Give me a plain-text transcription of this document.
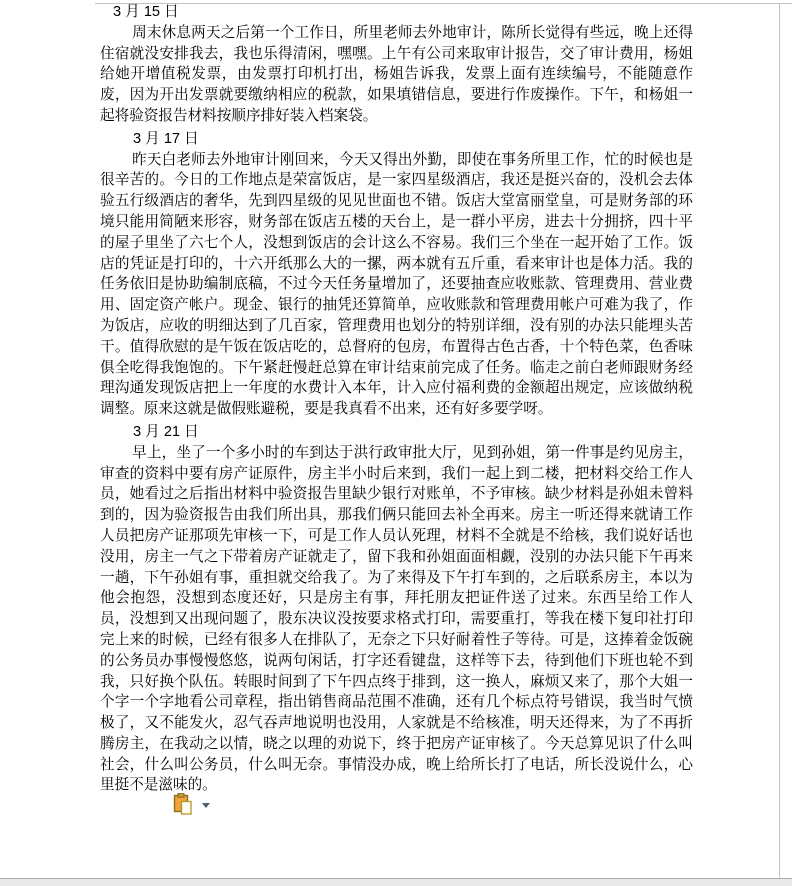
3 月 15 日

周末休息两天之后第一个工作日，所里老师去外地审计，陈所长觉得有些远，晚上还得住宿就没安排我去，我也乐得清闲，嘿嘿。上午有公司来取审计报告，交了审计费用，杨姐给她开增值税发票，由发票打印机打出，杨姐告诉我，发票上面有连续编号，不能随意作废，因为开出发票就要缴纳相应的税款，如果填错信息，要进行作废操作。下午，和杨姐一起将验资报告材料按顺序排好装入档案袋。

3 月 17 日

昨天白老师去外地审计刚回来，今天又得出外勤，即使在事务所里工作，忙的时候也是很辛苦的。今日的工作地点是荣富饭店，是一家四星级酒店，我还是挺兴奋的，没机会去体验五行级酒店的奢华，先到四星级的见见世面也不错。饭店大堂富丽堂皇，可是财务部的环境只能用简陋来形容，财务部在饭店五楼的天台上，是一群小平房，进去十分拥挤，四十平的屋子里坐了六七个人，没想到饭店的会计这么不容易。我们三个坐在一起开始了工作。饭店的凭证是打印的，十六开纸那么大的一摞，两本就有五斤重，看来审计也是体力活。我的任务依旧是协助编制底稿，不过今天任务量增加了，还要抽查应收账款、管理费用、营业费用、固定资产帐户。现金、银行的抽凭还算简单，应收账款和管理费用帐户可难为我了，作为饭店，应收的明细达到了几百家，管理费用也划分的特别详细，没有别的办法只能埋头苦干。值得欣慰的是午饭在饭店吃的，总督府的包房，布置得古色古香，十个特色菜，色香味俱全吃得我饱饱的。下午紧赶慢赶总算在审计结束前完成了任务。临走之前白老师跟财务经理沟通发现饭店把上一年度的水费计入本年，计入应付福利费的金额超出规定，应该做纳税调整。原来这就是做假账避税，要是我真看不出来，还有好多要学呀。

3 月 21 日

早上，坐了一个多小时的车到达于洪行政审批大厅，见到孙姐，第一件事是约见房主，审查的资料中要有房产证原件，房主半小时后来到，我们一起上到二楼，把材料交给工作人员，她看过之后指出材料中验资报告里缺少银行对账单，不予审核。缺少材料是孙姐未曾料到的，因为验资报告由我们所出具，那我们俩只能回去补全再来。房主一听还得来就请工作人员把房产证那项先审核一下，可是工作人员认死理，材料不全就是不给核，我们说好话也没用，房主一气之下带着房产证就走了，留下我和孙姐面面相觑，没别的办法只能下午再来一趟，下午孙姐有事，重担就交给我了。为了来得及下午打车到的，之后联系房主，本以为他会抱怨，没想到态度还好，只是房主有事，拜托朋友把证件送了过来。东西呈给工作人员，没想到又出现问题了，股东决议没按要求格式打印，需要重打，等我在楼下复印社打印完上来的时候，已经有很多人在排队了，无奈之下只好耐着性子等待。可是，这捧着金饭碗的公务员办事慢慢悠悠，说两句闲话，打字还看键盘，这样等下去，待到他们下班也轮不到我，只好换个队伍。转眼时间到了下午四点终于排到，这一换人，麻烦又来了，那个大姐一个字一个字地看公司章程，指出销售商品范围不准确，还有几个标点符号错误，我当时气愤极了，又不能发火，忍气吞声地说明也没用，人家就是不给核准，明天还得来，为了不再折腾房主，在我动之以情，晓之以理的劝说下，终于把房产证审核了。今天总算见识了什么叫社会，什么叫公务员，什么叫无奈。事情没办成，晚上给所长打了电话，所长没说什么，心里挺不是滋味的。
